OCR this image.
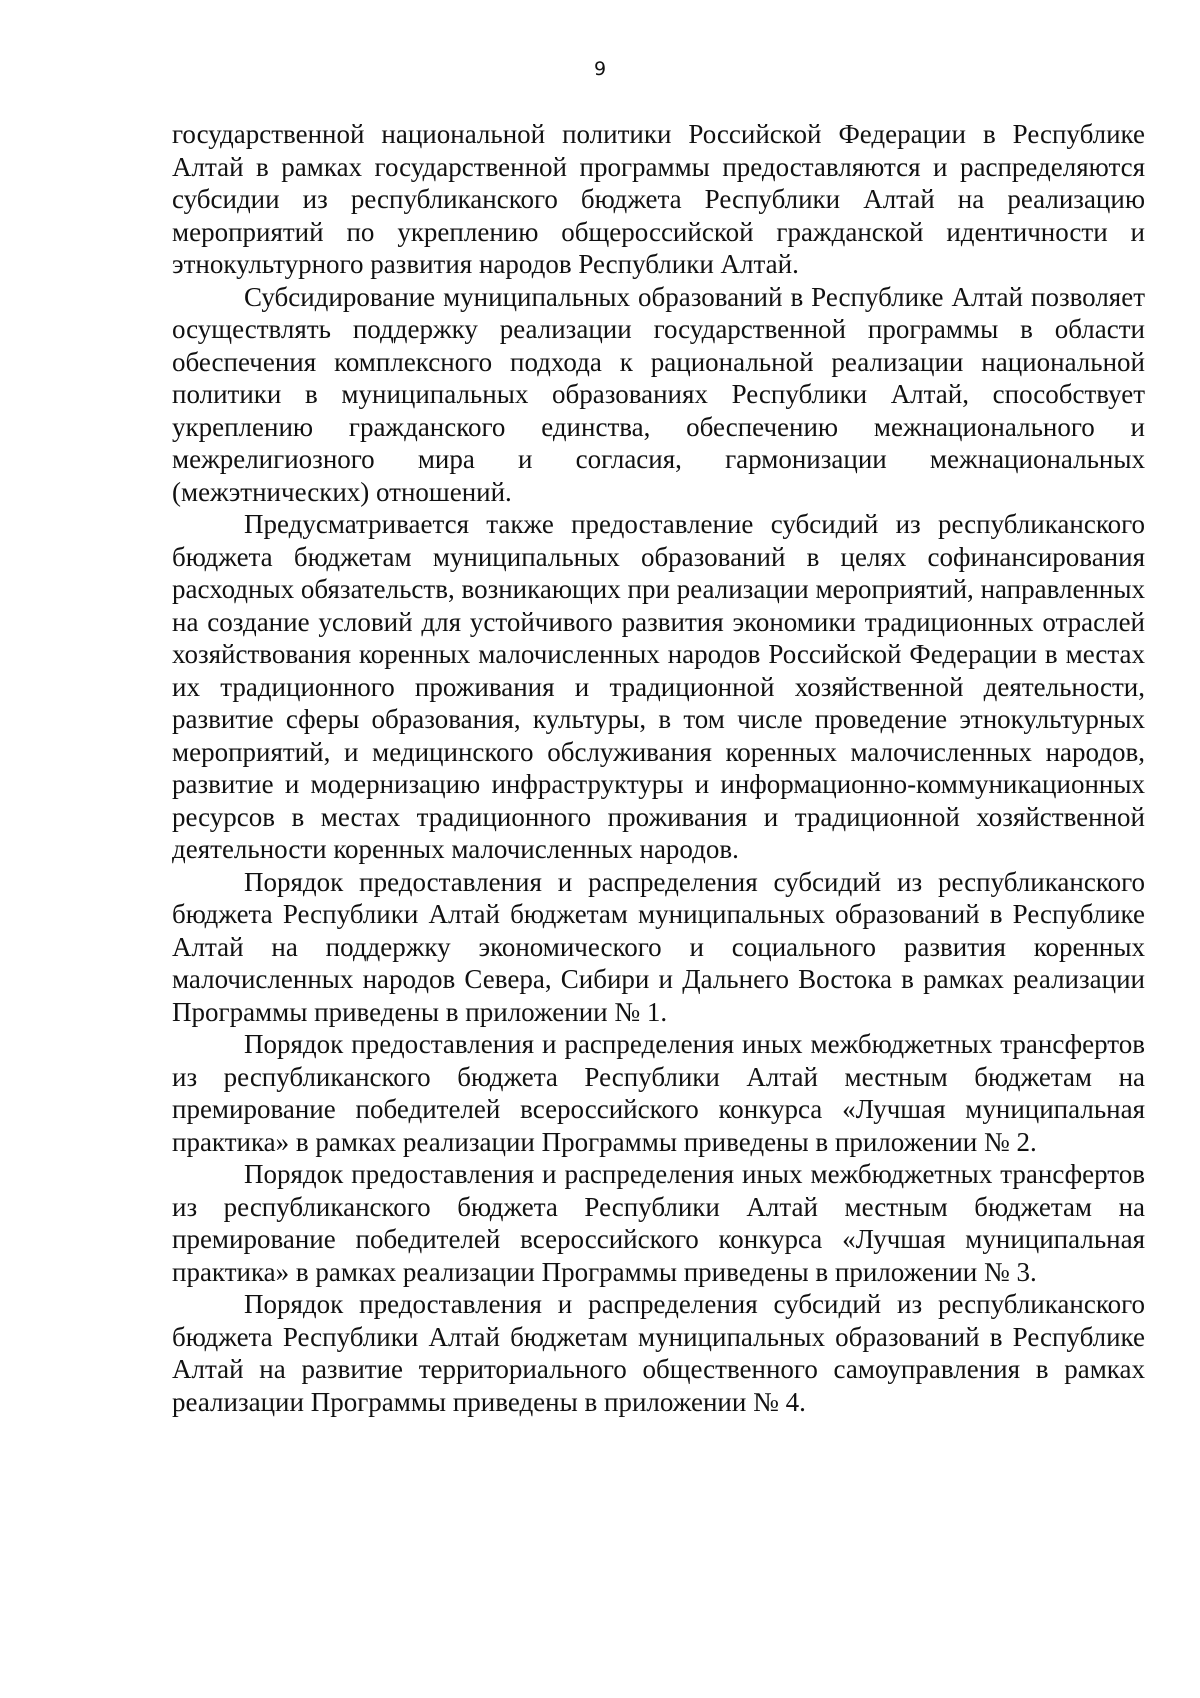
9

государственной национальной политики Российской Федерации в Республике Алтай в рамках государственной программы предоставляются и распределяются субсидии из республиканского бюджета Республики Алтай на реализацию мероприятий по укреплению общероссийской гражданской идентичности и этнокультурного развития народов Республики Алтай.

Субсидирование муниципальных образований в Республике Алтай позволяет осуществлять поддержку реализации государственной программы в области обеспечения комплексного подхода к рациональной реализации национальной политики в муниципальных образованиях Республики Алтай, способствует укреплению гражданского единства, обеспечению межнационального и межрелигиозного мира и согласия, гармонизации межнациональных (межэтнических) отношений.

Предусматривается также предоставление субсидий из республиканского бюджета бюджетам муниципальных образований в целях софинансирования расходных обязательств, возникающих при реализации мероприятий, направленных на создание условий для устойчивого развития экономики традиционных отраслей хозяйствования коренных малочисленных народов Российской Федерации в местах их традиционного проживания и традиционной хозяйственной деятельности, развитие сферы образования, культуры, в том числе проведение этнокультурных мероприятий, и медицинского обслуживания коренных малочисленных народов, развитие и модернизацию инфраструктуры и информационно-коммуникационных ресурсов в местах традиционного проживания и традиционной хозяйственной деятельности коренных малочисленных народов.

Порядок предоставления и распределения субсидий из республиканского бюджета Республики Алтай бюджетам муниципальных образований в Республике Алтай на поддержку экономического и социального развития коренных малочисленных народов Севера, Сибири и Дальнего Востока в рамках реализации Программы приведены в приложении № 1.

Порядок предоставления и распределения иных межбюджетных трансфертов из республиканского бюджета Республики Алтай местным бюджетам на премирование победителей всероссийского конкурса «Лучшая муниципальная практика» в рамках реализации Программы приведены в приложении № 2.

Порядок предоставления и распределения иных межбюджетных трансфертов из республиканского бюджета Республики Алтай местным бюджетам на премирование победителей всероссийского конкурса «Лучшая муниципальная практика» в рамках реализации Программы приведены в приложении № 3.

Порядок предоставления и распределения субсидий из республиканского бюджета Республики Алтай бюджетам муниципальных образований в Республике Алтай на развитие территориального общественного самоуправления в рамках реализации Программы приведены в приложении № 4.
